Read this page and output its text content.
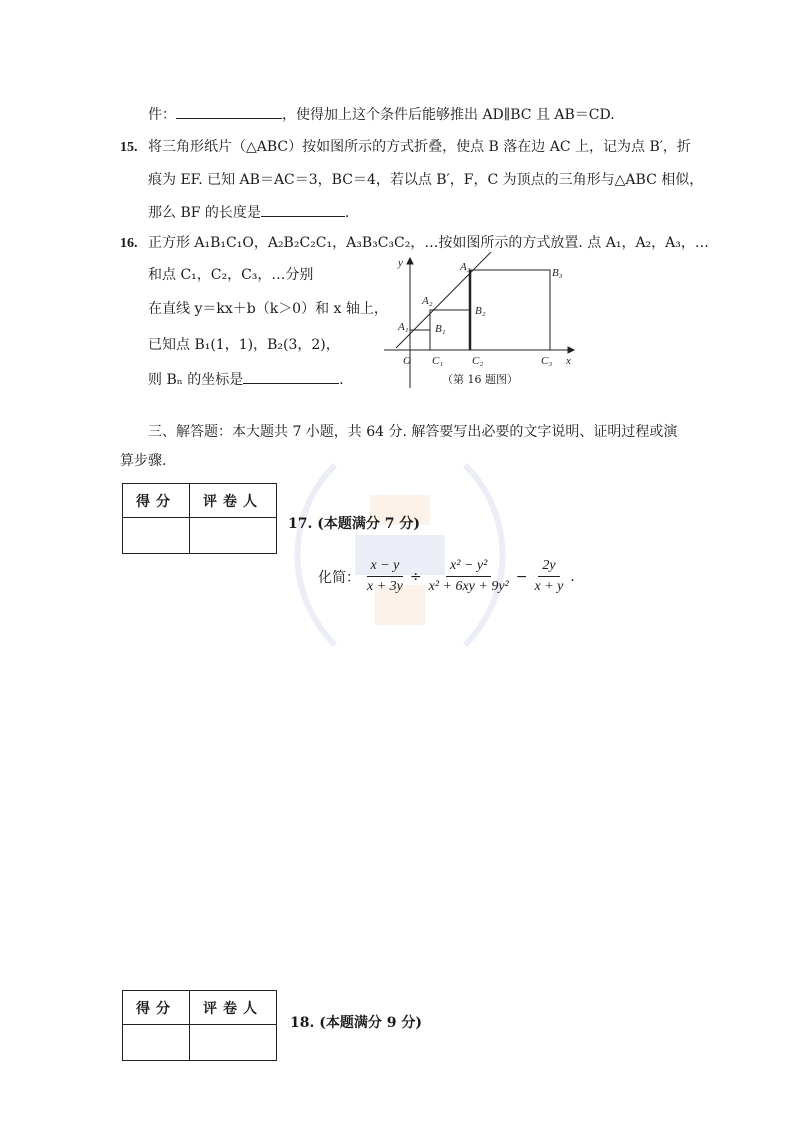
件：	，使得加上这个条件后能够推出 AD∥BC 且 AB＝CD.
15. 将三角形纸片（△ABC）按如图所示的方式折叠，使点 B 落在边 AC 上，记为点 B′，折
痕为 EF. 已知 AB＝AC＝3，BC＝4，若以点 B′，F，C 为顶点的三角形与△ABC 相似，
那么 BF 的长度是	.
16. 正方形 A₁B₁C₁O，A₂B₂C₂C₁，A₃B₃C₃C₂，…按如图所示的方式放置. 点 A₁，A₂，A₃，…
和点 C₁，C₂，C₃，…分别
在直线 y＝kx＋b（k＞0）和 x 轴上，
已知点 B₁(1，1)，B₂(3，2)，
则 Bₙ 的坐标是	.
y
x
O
A₁
A₂
A₃
B₁
B₂
B₃
C₁	C₂	C₃
（第 16 题图）
三、解答题：本大题共 7 小题，共 64 分. 解答要写出必要的文字说明、证明过程或演
算步骤.
得分	评卷人

17. (本题满分 7 分)
化简： $\frac{x - y}{x + 3y} \div \frac{\text{x² − y²}}{\text{x² + 6xy + 9y²}} - \frac{2y}{x + y}$ .
得分	评卷人

18. (本题满分 9 分)
